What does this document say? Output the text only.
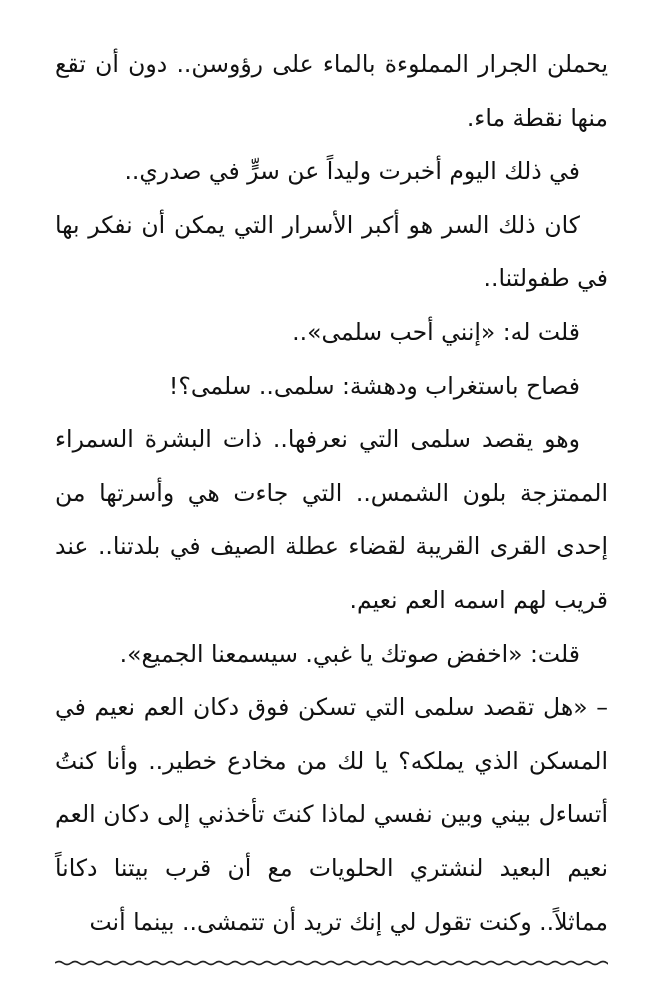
يحملن الجرار المملوءة بالماء على رؤوسن.. دون أن تقع منها نقطة ماء.

في ذلك اليوم أخبرت وليداً عن سرٍّ في صدري..

كان ذلك السر هو أكبر الأسرار التي يمكن أن نفكر بها في طفولتنا..

قلت له: «إنني أحب سلمى»..

فصاح باستغراب ودهشة: سلمى.. سلمى؟!

وهو يقصد سلمى التي نعرفها.. ذات البشرة السمراء الممتزجة بلون الشمس.. التي جاءت هي وأسرتها من إحدى القرى القريبة لقضاء عطلة الصيف في بلدتنا.. عند قريب لهم اسمه العم نعيم.

قلت: «اخفض صوتك يا غبي. سيسمعنا الجميع».

– «هل تقصد سلمى التي تسكن فوق دكان العم نعيم في المسكن الذي يملكه؟ يا لك من مخادع خطير.. وأنا كنتُ أتساءل بيني وبين نفسي لماذا كنتَ تأخذني إلى دكان العم نعيم البعيد لنشتري الحلويات مع أن قرب بيتنا دكاناً مماثلاً.. وكنت تقول لي إنك تريد أن تتمشى.. بينما أنت
